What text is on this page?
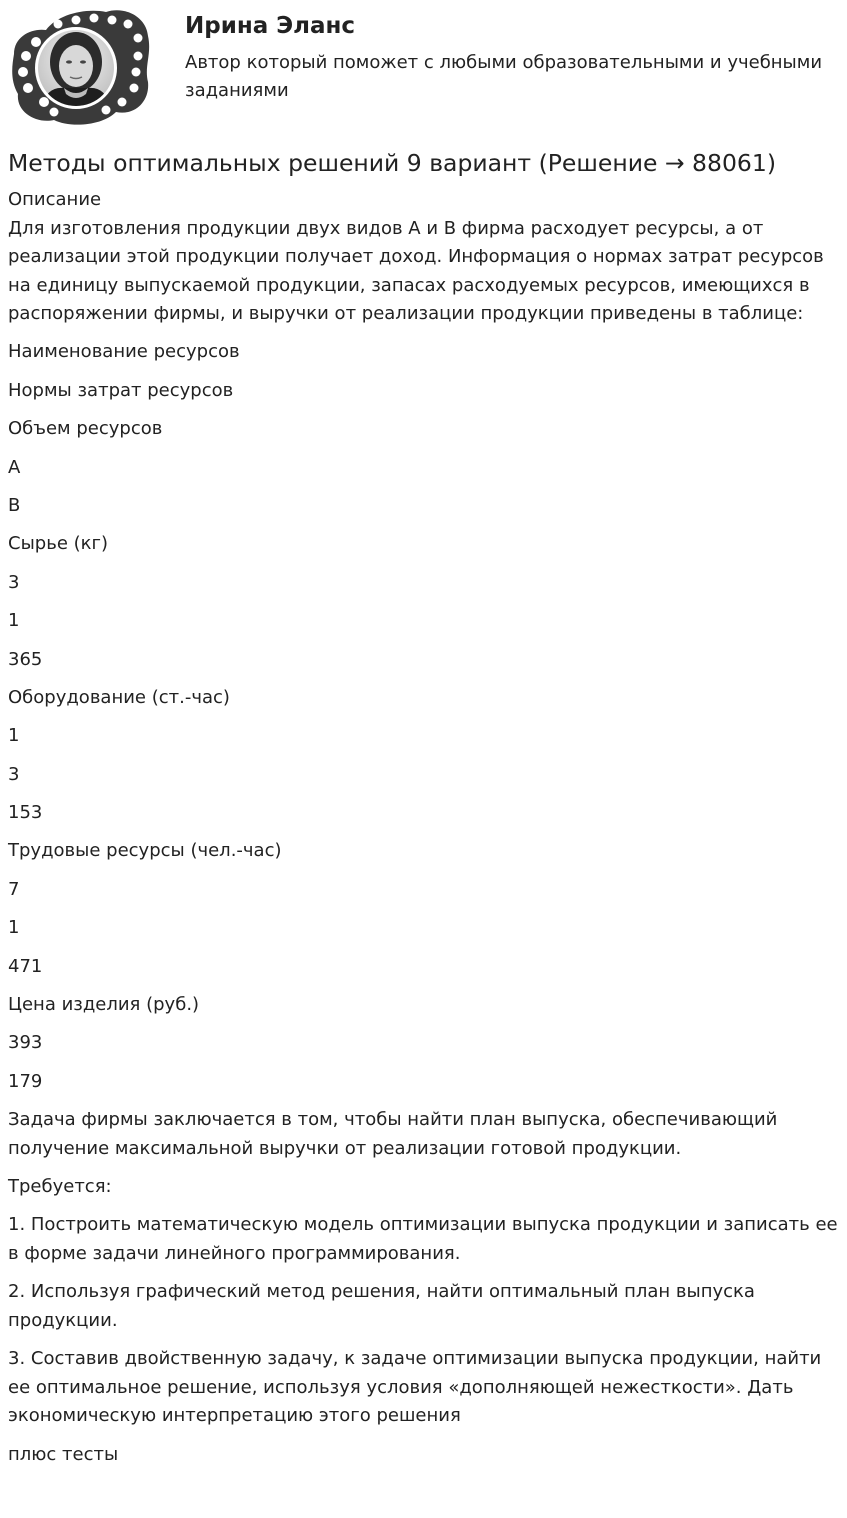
Ирина Эланс

Автор который поможет с любыми образовательными и учебными заданиями

Методы оптимальных решений 9 вариант (Решение → 88061)

Описание

Для изготовления продукции двух видов A и B фирма расходует ресурсы, а от реализации этой продукции получает доход. Информация о нормах затрат ресурсов на единицу выпускаемой продукции, запасах расходуемых ресурсов, имеющихся в распоряжении фирмы, и выручки от реализации продукции приведены в таблице:

Наименование ресурсов
Нормы затрат ресурсов
Объем ресурсов
A
B
Сырье (кг)
3
1
365
Оборудование (ст.-час)
1
3
153
Трудовые ресурсы (чел.-час)
7
1
471
Цена изделия (руб.)
393
179

Задача фирмы заключается в том, чтобы найти план выпуска, обеспечивающий получение максимальной выручки от реализации готовой продукции.

Требуется:

1. Построить математическую модель оптимизации выпуска продукции и записать ее в форме задачи линейного программирования.

2. Используя графический метод решения, найти оптимальный план выпуска продукции.

3. Составив двойственную задачу, к задаче оптимизации выпуска продукции, найти ее оптимальное решение, используя условия «дополняющей нежесткости». Дать экономическую интерпретацию этого решения

плюс тесты
